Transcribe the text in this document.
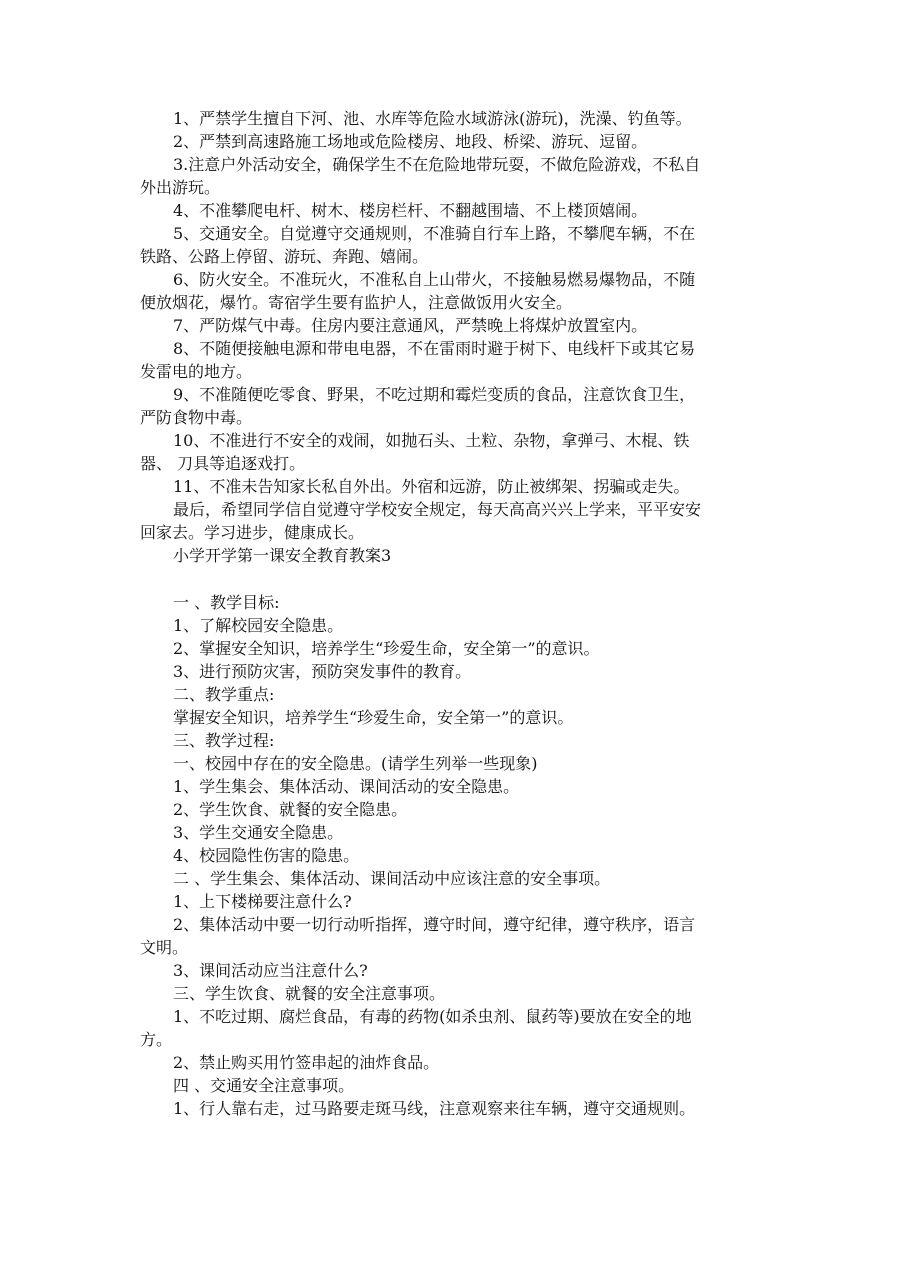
1、严禁学生擅自下河、池、水库等危险水域游泳(游玩)，洗澡、钓鱼等。
2、严禁到高速路施工场地或危险楼房、地段、桥梁、游玩、逗留。
3.注意户外活动安全，确保学生不在危险地带玩耍，不做危险游戏，不私自
外出游玩。
4、不准攀爬电杆、树木、楼房栏杆、不翻越围墙、不上楼顶嬉闹。
5、交通安全。自觉遵守交通规则，不准骑自行车上路，不攀爬车辆，不在
铁路、公路上停留、游玩、奔跑、嬉闹。
6、防火安全。不准玩火，不准私自上山带火，不接触易燃易爆物品，不随
便放烟花，爆竹。寄宿学生要有监护人，注意做饭用火安全。
7、严防煤气中毒。住房内要注意通风，严禁晚上将煤炉放置室内。
8、不随便接触电源和带电电器，不在雷雨时避于树下、电线杆下或其它易
发雷电的地方。
9、不准随便吃零食、野果，不吃过期和霉烂变质的食品，注意饮食卫生，
严防食物中毒。
10、不准进行不安全的戏闹，如抛石头、土粒、杂物，拿弹弓、木棍、铁
器、 刀具等追逐戏打。
11、不准未告知家长私自外出。外宿和远游，防止被绑架、拐骗或走失。
最后，希望同学信自觉遵守学校安全规定，每天高高兴兴上学来，平平安安
回家去。学习进步，健康成长。
小学开学第一课安全教育教案3
一 、教学目标:
1、了解校园安全隐患。
2、掌握安全知识，培养学生“珍爱生命，安全第一”的意识。
3、进行预防灾害，预防突发事件的教育。
二、教学重点:
掌握安全知识，培养学生“珍爱生命，安全第一”的意识。
三、教学过程:
一、校园中存在的安全隐患。(请学生列举一些现象)
1、学生集会、集体活动、课间活动的安全隐患。
2、学生饮食、就餐的安全隐患。
3、学生交通安全隐患。
4、校园隐性伤害的隐患。
二 、学生集会、集体活动、课间活动中应该注意的安全事项。
1、上下楼梯要注意什么?
2、集体活动中要一切行动听指挥，遵守时间，遵守纪律，遵守秩序，语言
文明。
3、课间活动应当注意什么?
三、学生饮食、就餐的安全注意事项。
1、不吃过期、腐烂食品，有毒的药物(如杀虫剂、鼠药等)要放在安全的地
方。
2、禁止购买用竹签串起的油炸食品。
四 、交通安全注意事项。
1、行人靠右走，过马路要走斑马线，注意观察来往车辆，遵守交通规则。
